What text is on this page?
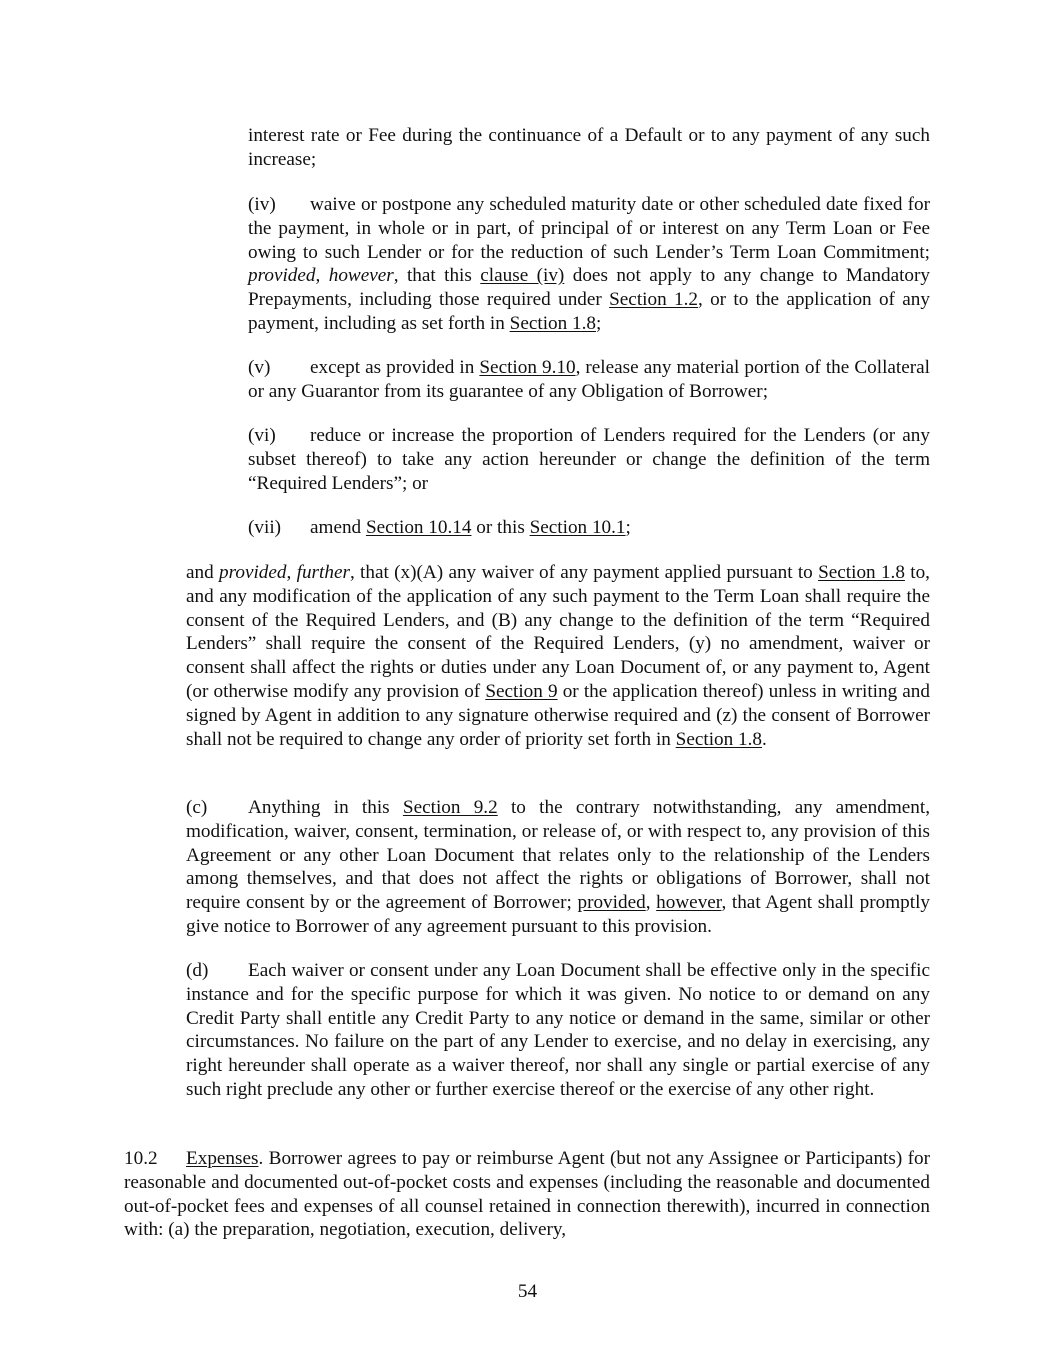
interest rate or Fee during the continuance of a Default or to any payment of any such increase;

(iv) waive or postpone any scheduled maturity date or other scheduled date fixed for the payment, in whole or in part, of principal of or interest on any Term Loan or Fee owing to such Lender or for the reduction of such Lender’s Term Loan Commitment; provided, however, that this clause (iv) does not apply to any change to Mandatory Prepayments, including those required under Section 1.2, or to the application of any payment, including as set forth in Section 1.8;

(v) except as provided in Section 9.10, release any material portion of the Collateral or any Guarantor from its guarantee of any Obligation of Borrower;

(vi) reduce or increase the proportion of Lenders required for the Lenders (or any subset thereof) to take any action hereunder or change the definition of the term “Required Lenders”; or

(vii) amend Section 10.14 or this Section 10.1;

and provided, further, that (x)(A) any waiver of any payment applied pursuant to Section 1.8 to, and any modification of the application of any such payment to the Term Loan shall require the consent of the Required Lenders, and (B) any change to the definition of the term “Required Lenders” shall require the consent of the Required Lenders, (y) no amendment, waiver or consent shall affect the rights or duties under any Loan Document of, or any payment to, Agent (or otherwise modify any provision of Section 9 or the application thereof) unless in writing and signed by Agent in addition to any signature otherwise required and (z) the consent of Borrower shall not be required to change any order of priority set forth in Section 1.8.

(c) Anything in this Section 9.2 to the contrary notwithstanding, any amendment, modification, waiver, consent, termination, or release of, or with respect to, any provision of this Agreement or any other Loan Document that relates only to the relationship of the Lenders among themselves, and that does not affect the rights or obligations of Borrower, shall not require consent by or the agreement of Borrower; provided, however, that Agent shall promptly give notice to Borrower of any agreement pursuant to this provision.

(d) Each waiver or consent under any Loan Document shall be effective only in the specific instance and for the specific purpose for which it was given. No notice to or demand on any Credit Party shall entitle any Credit Party to any notice or demand in the same, similar or other circumstances. No failure on the part of any Lender to exercise, and no delay in exercising, any right hereunder shall operate as a waiver thereof, nor shall any single or partial exercise of any such right preclude any other or further exercise thereof or the exercise of any other right.

10.2 Expenses. Borrower agrees to pay or reimburse Agent (but not any Assignee or Participants) for reasonable and documented out-of-pocket costs and expenses (including the reasonable and documented out-of-pocket fees and expenses of all counsel retained in connection therewith), incurred in connection with: (a) the preparation, negotiation, execution, delivery,

54
